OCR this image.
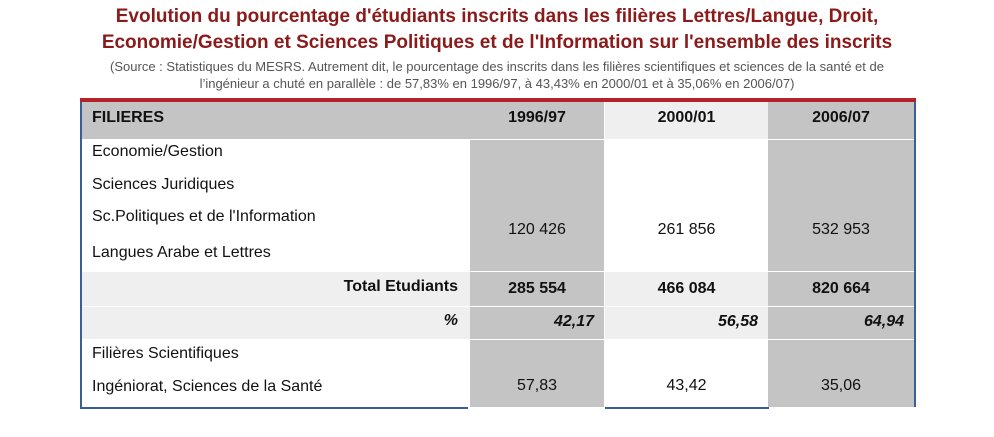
Evolution du pourcentage d'étudiants inscrits dans les filières Lettres/Langue, Droit,
Economie/Gestion et Sciences Politiques et de l'Information sur l'ensemble des inscrits
(Source : Statistiques du MESRS. Autrement dit, le pourcentage des inscrits dans les filières scientifiques et sciences de la santé et de
l’ingénieur a chuté en parallèle : de 57,83% en 1996/97, à 43,43% en 2000/01 et à 35,06% en 2006/07)
FILIERES	1996/97	2000/01	2006/07
Economie/Gestion
Sciences Juridiques
Sc.Politiques et de l'Information
Langues Arabe et Lettres
120 426	261 856	532 953
Total Etudiants	285 554	466 084	820 664
%	42,17	56,58	64,94
Filières Scientifiques
Ingéniorat, Sciences de la Santé	57,83	43,42	35,06
